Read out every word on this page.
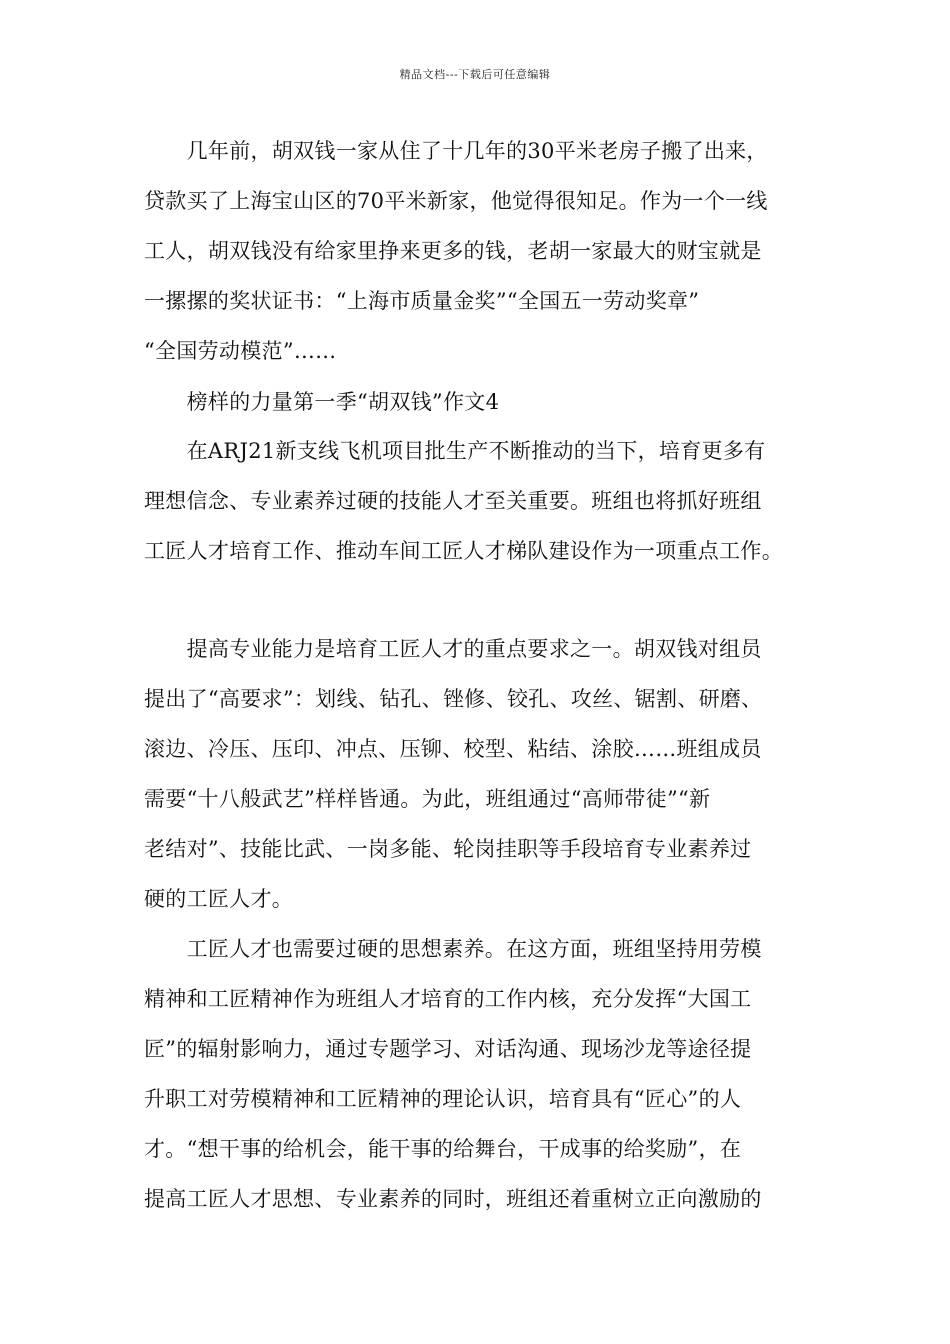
精品文档---下载后可任意编辑
　　几年前，胡双钱一家从住了十几年的30平米老房子搬了出来，
贷款买了上海宝山区的70平米新家，他觉得很知足。作为一个一线
工人，胡双钱没有给家里挣来更多的钱，老胡一家最大的财宝就是
一摞摞的奖状证书：“上海市质量金奖”“全国五一劳动奖章”
“全国劳动模范”……
　　榜样的力量第一季“胡双钱”作文4
　　在ARJ21新支线飞机项目批生产不断推动的当下，培育更多有
理想信念、专业素养过硬的技能人才至关重要。班组也将抓好班组
工匠人才培育工作、推动车间工匠人才梯队建设作为一项重点工作。
　　提高专业能力是培育工匠人才的重点要求之一。胡双钱对组员
提出了“高要求”：划线、钻孔、锉修、铰孔、攻丝、锯割、研磨、
滚边、冷压、压印、冲点、压铆、校型、粘结、涂胶……班组成员
需要“十八般武艺”样样皆通。为此，班组通过“高师带徒”“新
老结对”、技能比武、一岗多能、轮岗挂职等手段培育专业素养过
硬的工匠人才。
　　工匠人才也需要过硬的思想素养。在这方面，班组坚持用劳模
精神和工匠精神作为班组人才培育的工作内核，充分发挥“大国工
匠”的辐射影响力，通过专题学习、对话沟通、现场沙龙等途径提
升职工对劳模精神和工匠精神的理论认识，培育具有“匠心”的人
才。“想干事的给机会，能干事的给舞台，干成事的给奖励”，在
提高工匠人才思想、专业素养的同时，班组还着重树立正向激励的
